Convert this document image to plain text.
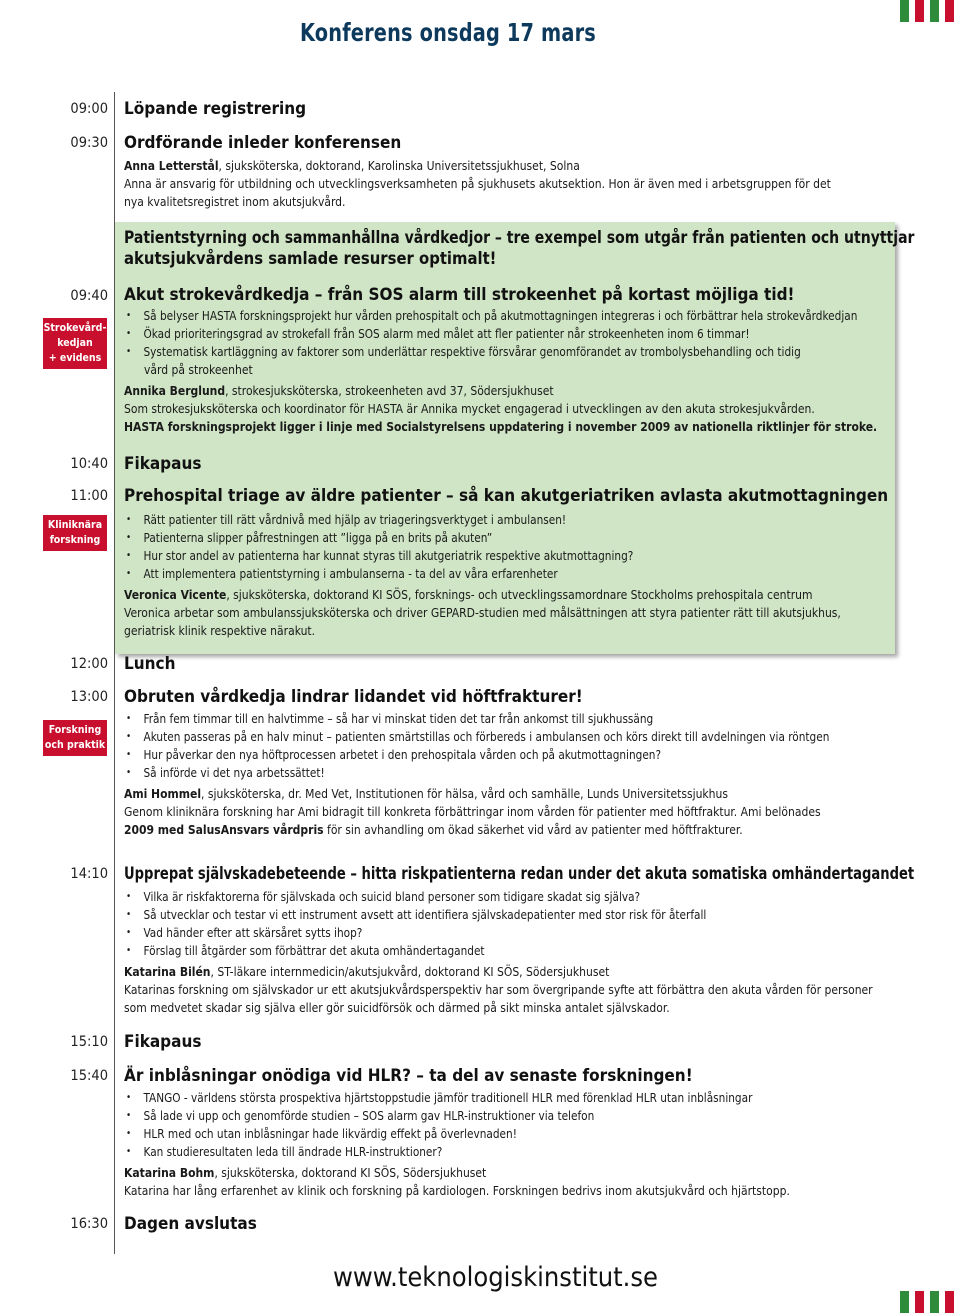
Konferens onsdag 17 mars
09:00
09:30
09:40
10:40
11:00
12:00
13:00
14:10
15:10
15:40
16:30
Strokevård-
kedjan
+ evidens
Kliniknära
forskning
Forskning
och praktik
Löpande registrering
Ordförande inleder konferensen
Anna Letterstål, sjuksköterska, doktorand, Karolinska Universitetssjukhuset, Solna
Anna är ansvarig för utbildning och utvecklingsverksamheten på sjukhusets akutsektion. Hon är även med i arbetsgruppen för det
nya kvalitetsregistret inom akutsjukvård.
Patientstyrning och sammanhållna vårdkedjor – tre exempel som utgår från patienten och utnyttjar
akutsjukvårdens samlade resurser optimalt!
Akut strokevårdkedja – från SOS alarm till strokeenhet på kortast möjliga tid!
• Så belyser HASTA forskningsprojekt hur vården prehospitalt och på akutmottagningen integreras i och förbättrar hela strokevårdkedjan
• Ökad prioriteringsgrad av strokefall från SOS alarm med målet att fler patienter når strokeenheten inom 6 timmar!
• Systematisk kartläggning av faktorer som underlättar respektive försvårar genomförandet av trombolysbehandling och tidig
vård på strokeenhet
Annika Berglund, strokesjuksköterska, strokeenheten avd 37, Södersjukhuset
Som strokesjuksköterska och koordinator för HASTA är Annika mycket engagerad i utvecklingen av den akuta strokesjukvården.
HASTA forskningsprojekt ligger i linje med Socialstyrelsens uppdatering i november 2009 av nationella riktlinjer för stroke.
Fikapaus
Prehospital triage av äldre patienter – så kan akutgeriatriken avlasta akutmottagningen
• Rätt patienter till rätt vårdnivå med hjälp av triageringsverktyget i ambulansen!
• Patienterna slipper påfrestningen att ”ligga på en brits på akuten”
• Hur stor andel av patienterna har kunnat styras till akutgeriatrik respektive akutmottagning?
• Att implementera patientstyrning i ambulanserna - ta del av våra erfarenheter
Veronica Vicente, sjuksköterska, doktorand KI SÖS, forsknings- och utvecklingssamordnare Stockholms prehospitala centrum
Veronica arbetar som ambulanssjuksköterska och driver GEPARD-studien med målsättningen att styra patienter rätt till akutsjukhus,
geriatrisk klinik respektive närakut.
Lunch
Obruten vårdkedja lindrar lidandet vid höftfrakturer!
• Från fem timmar till en halvtimme – så har vi minskat tiden det tar från ankomst till sjukhussäng
• Akuten passeras på en halv minut – patienten smärtstillas och förbereds i ambulansen och körs direkt till avdelningen via röntgen
• Hur påverkar den nya höftprocessen arbetet i den prehospitala vården och på akutmottagningen?
• Så införde vi det nya arbetssättet!
Ami Hommel, sjuksköterska, dr. Med Vet, Institutionen för hälsa, vård och samhälle, Lunds Universitetssjukhus
Genom kliniknära forskning har Ami bidragit till konkreta förbättringar inom vården för patienter med höftfraktur. Ami belönades
2009 med SalusAnsvars vårdpris för sin avhandling om ökad säkerhet vid vård av patienter med höftfrakturer.
Upprepat självskadebeteende – hitta riskpatienterna redan under det akuta somatiska omhändertagandet
• Vilka är riskfaktorerna för självskada och suicid bland personer som tidigare skadat sig själva?
• Så utvecklar och testar vi ett instrument avsett att identifiera självskadepatienter med stor risk för återfall
• Vad händer efter att skärsåret sytts ihop?
• Förslag till åtgärder som förbättrar det akuta omhändertagandet
Katarina Bilén, ST-läkare internmedicin/akutsjukvård, doktorand KI SÖS, Södersjukhuset
Katarinas forskning om självskador ur ett akutsjukvårdsperspektiv har som övergripande syfte att förbättra den akuta vården för personer
som medvetet skadar sig själva eller gör suicidförsök och därmed på sikt minska antalet självskador.
Fikapaus
Är inblåsningar onödiga vid HLR? – ta del av senaste forskningen!
• TANGO - världens största prospektiva hjärtstoppstudie jämför traditionell HLR med förenklad HLR utan inblåsningar
• Så lade vi upp och genomförde studien – SOS alarm gav HLR-instruktioner via telefon
• HLR med och utan inblåsningar hade likvärdig effekt på överlevnaden!
• Kan studieresultaten leda till ändrade HLR-instruktioner?
Katarina Bohm, sjuksköterska, doktorand KI SÖS, Södersjukhuset
Katarina har lång erfarenhet av klinik och forskning på kardiologen. Forskningen bedrivs inom akutsjukvård och hjärtstopp.
Dagen avslutas
www.teknologiskinstitut.se
